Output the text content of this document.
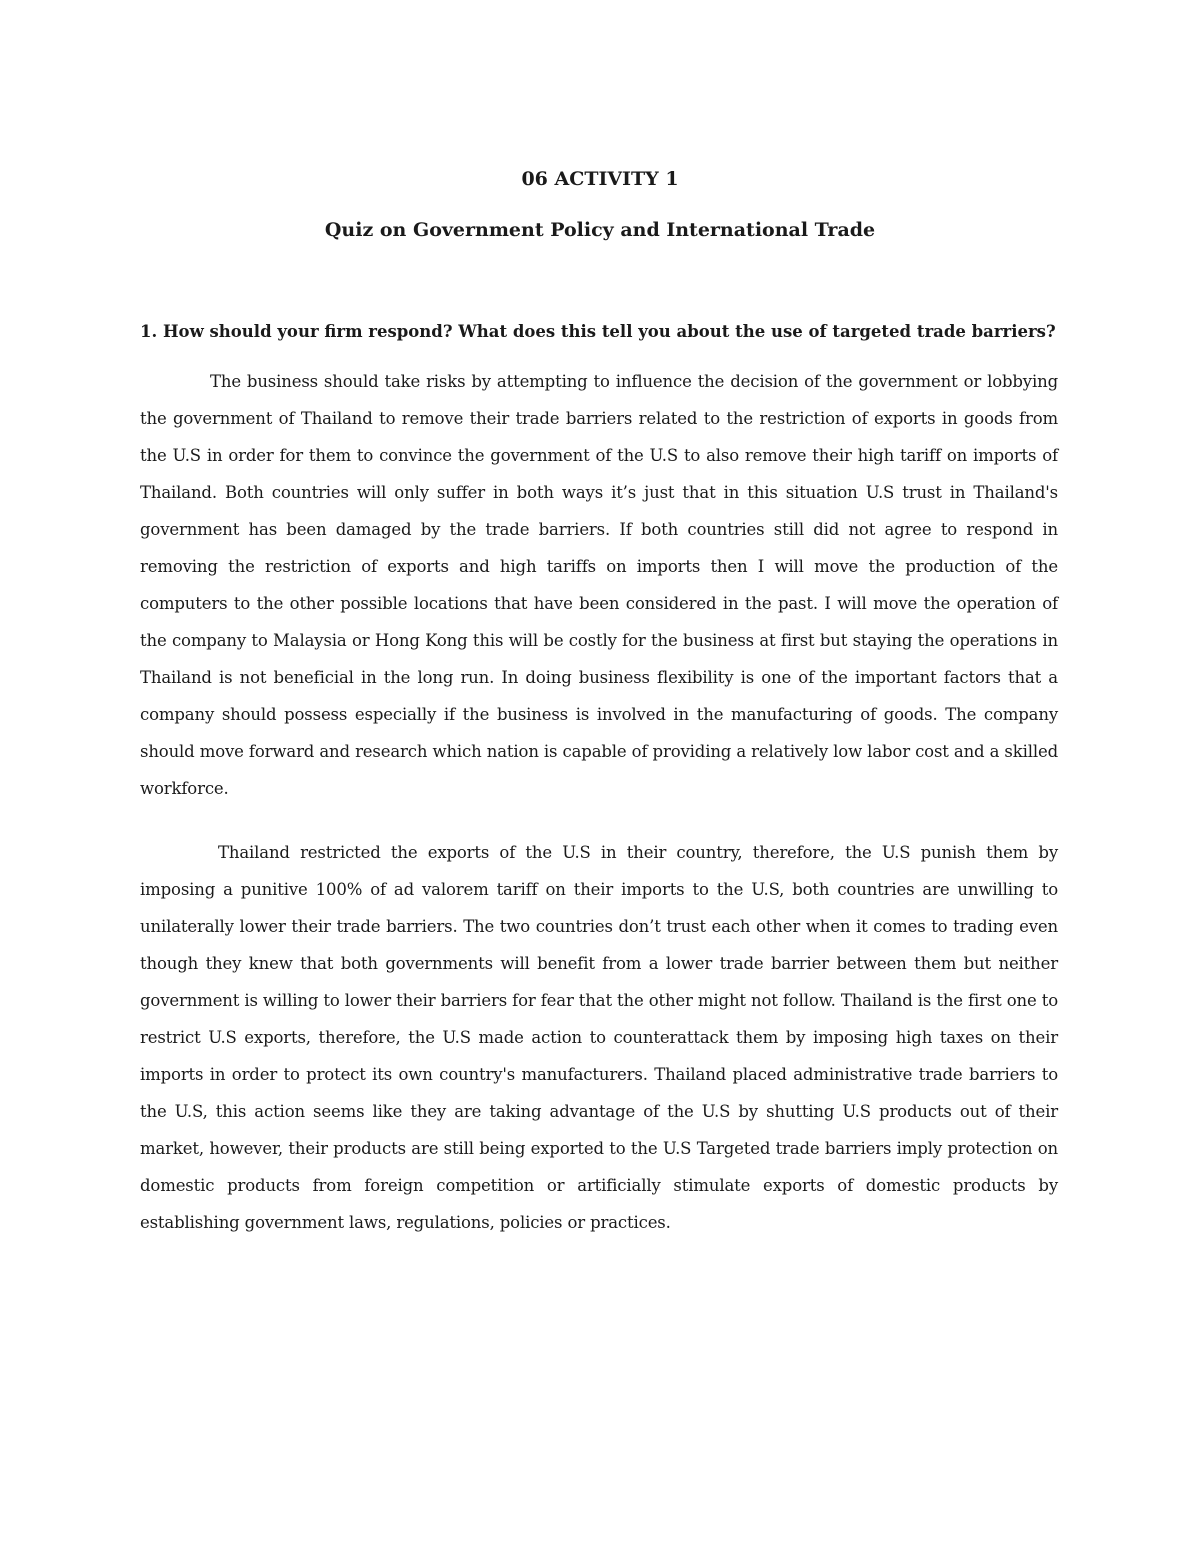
06 ACTIVITY 1
Quiz on Government Policy and International Trade

1. How should your firm respond? What does this tell you about the use of targeted trade barriers?

The business should take risks by attempting to influence the decision of the government or lobbying the government of Thailand to remove their trade barriers related to the restriction of exports in goods from the U.S in order for them to convince the government of the U.S to also remove their high tariff on imports of Thailand. Both countries will only suffer in both ways it’s just that in this situation U.S trust in Thailand's government has been damaged by the trade barriers. If both countries still did not agree to respond in removing the restriction of exports and high tariffs on imports then I will move the production of the computers to the other possible locations that have been considered in the past. I will move the operation of the company to Malaysia or Hong Kong this will be costly for the business at first but staying the operations in Thailand is not beneficial in the long run. In doing business flexibility is one of the important factors that a company should possess especially if the business is involved in the manufacturing of goods. The company should move forward and research which nation is capable of providing a relatively low labor cost and a skilled workforce.

Thailand restricted the exports of the U.S in their country, therefore, the U.S punish them by imposing a punitive 100% of ad valorem tariff on their imports to the U.S, both countries are unwilling to unilaterally lower their trade barriers. The two countries don’t trust each other when it comes to trading even though they knew that both governments will benefit from a lower trade barrier between them but neither government is willing to lower their barriers for fear that the other might not follow. Thailand is the first one to restrict U.S exports, therefore, the U.S made action to counterattack them by imposing high taxes on their imports in order to protect its own country's manufacturers. Thailand placed administrative trade barriers to the U.S, this action seems like they are taking advantage of the U.S by shutting U.S products out of their market, however, their products are still being exported to the U.S Targeted trade barriers imply protection on domestic products from foreign competition or artificially stimulate exports of domestic products by establishing government laws, regulations, policies or practices.
